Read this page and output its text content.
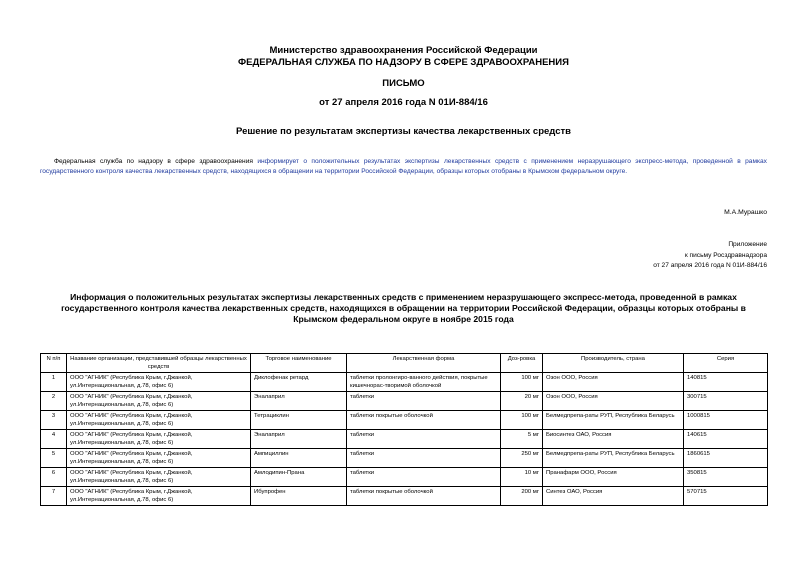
Министерство здравоохранения Российской Федерации
ФЕДЕРАЛЬНАЯ СЛУЖБА ПО НАДЗОРУ В СФЕРЕ ЗДРАВООХРАНЕНИЯ
ПИСЬМО
от 27 апреля 2016 года N 01И-884/16
Решение по результатам экспертизы качества лекарственных средств
Федеральная служба по надзору в сфере здравоохранения информирует о положительных результатах экспертизы лекарственных средств с применением неразрушающего экспресс-метода, проведенной в рамках государственного контроля качества лекарственных средств, находящихся в обращении на территории Российской Федерации, образцы которых отобраны в Крымском федеральном округе.
М.А.Мурашко
Приложение
к письму Росздравнадзора
от 27 апреля 2016 года N 01И-884/16
Информация о положительных результатах экспертизы лекарственных средств с применением неразрушающего экспресс-метода, проведенной в рамках государственного контроля качества лекарственных средств, находящихся в обращении на территории Российской Федерации, образцы которых отобраны в Крымском федеральном округе в ноябре 2015 года
N п/п	Название организации, представившей образцы лекарственных средств	Торговое наименование	Лекарственная форма	Доз-ровка	Производитель, страна	Серия
1	ООО "АГНИК" (Республика Крым, г.Джанкой, ул.Интернациональная, д.78, офис 6)	Диклофенак ретард	таблетки пролонгиро-ванного действия, покрытые кишечнорас-творимой оболочкой	100 мг	Озон ООО, Россия	140815
2	ООО "АГНИК" (Республика Крым, г.Джанкой, ул.Интернациональная, д.78, офис 6)	Эналаприл	таблетки	20 мг	Озон ООО, Россия	300715
3	ООО "АГНИК" (Республика Крым, г.Джанкой, ул.Интернациональная, д.78, офис 6)	Тетрациклин	таблетки покрытые оболочкой	100 мг	Белмедпрепа-раты РУП, Республика Беларусь	1000815
4	ООО "АГНИК" (Республика Крым, г.Джанкой, ул.Интернациональная, д.78, офис 6)	Эналаприл	таблетки	5 мг	Биосинтез ОАО, Россия	140615
5	ООО "АГНИК" (Республика Крым, г.Джанкой, ул.Интернациональная, д.78, офис 6)	Ампициллин	таблетки	250 мг	Белмедпрепа-раты РУП, Республика Беларусь	1860615
6	ООО "АГНИК" (Республика Крым, г.Джанкой, ул.Интернациональная, д.78, офис 6)	Амлодипин-Прана	таблетки	10 мг	Пранафарм ООО, Россия	350815
7	ООО "АГНИК" (Республика Крым, г.Джанкой, ул.Интернациональная, д.78, офис 6)	Ибупрофен	таблетки покрытые оболочкой	200 мг	Синтез ОАО, Россия	570715
